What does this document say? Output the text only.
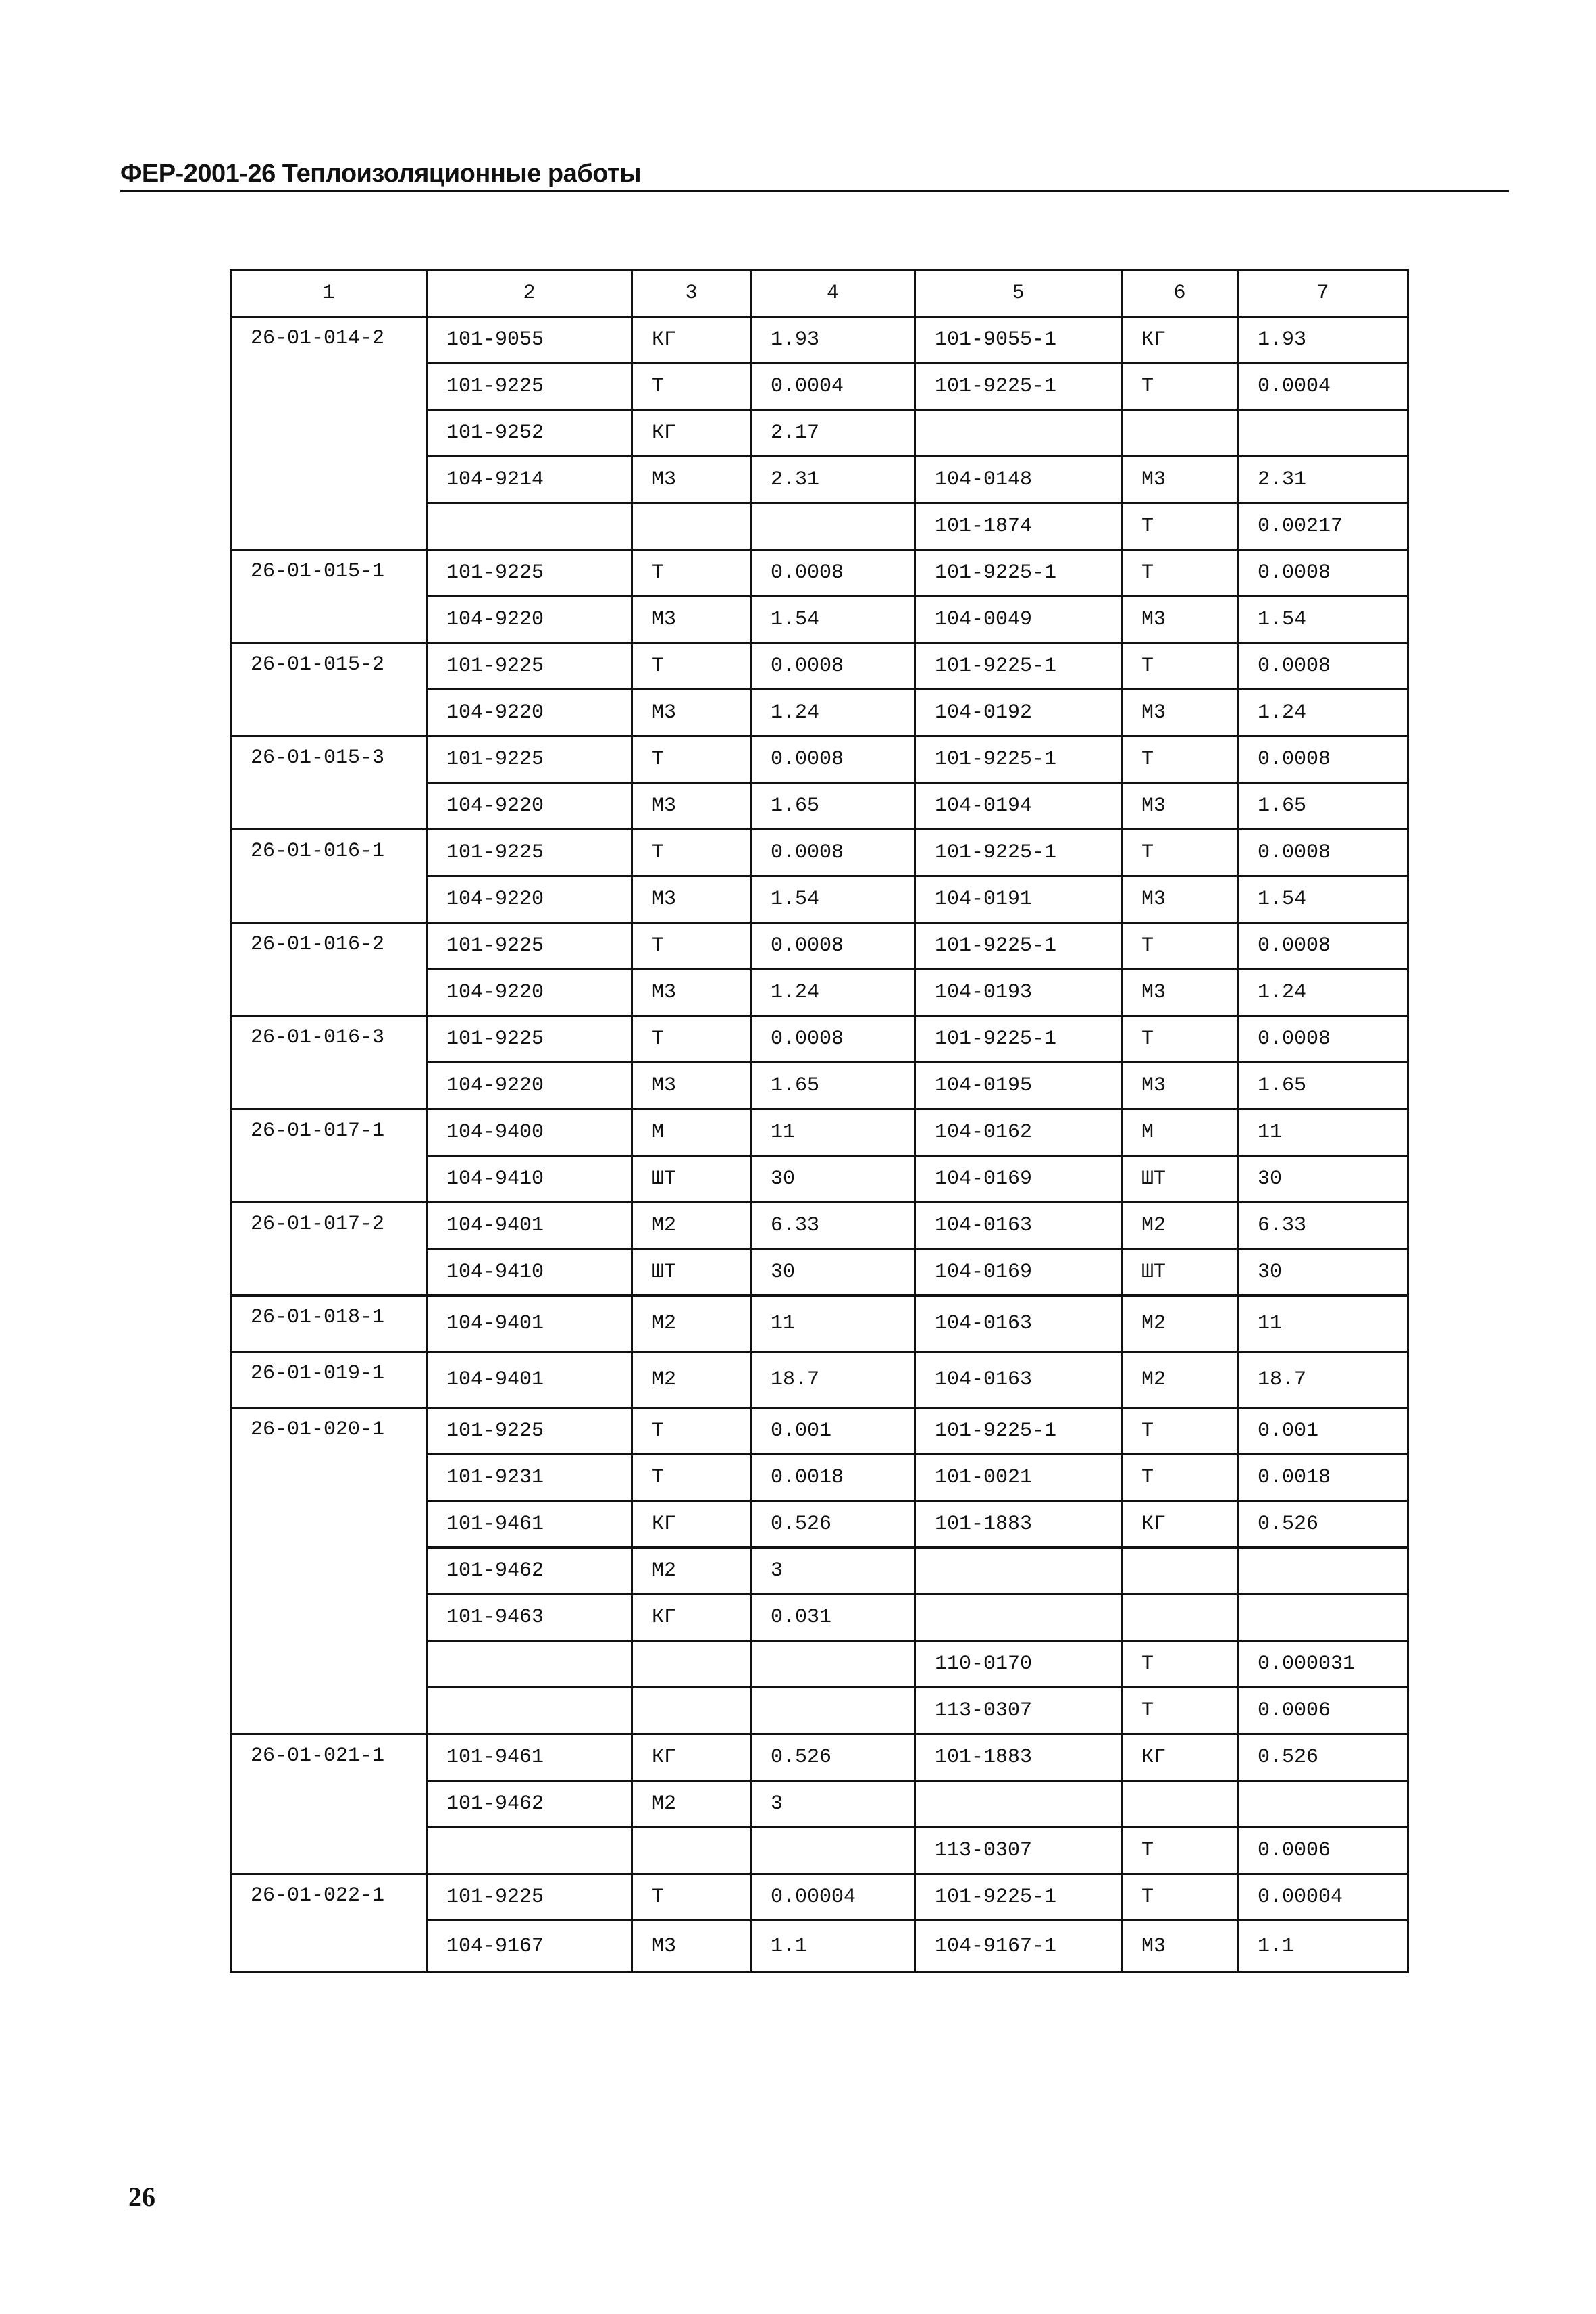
ФЕР-2001-26 Теплоизоляционные работы
1	2	3	4	5	6	7
26-01-014-2	101-9055	КГ	1.93	101-9055-1	КГ	1.93
	101-9225	Т	0.0004	101-9225-1	Т	0.0004
	101-9252	КГ	2.17			
	104-9214	М3	2.31	104-0148	М3	2.31
				101-1874	Т	0.00217
26-01-015-1	101-9225	Т	0.0008	101-9225-1	Т	0.0008
	104-9220	М3	1.54	104-0049	М3	1.54
26-01-015-2	101-9225	Т	0.0008	101-9225-1	Т	0.0008
	104-9220	М3	1.24	104-0192	М3	1.24
26-01-015-3	101-9225	Т	0.0008	101-9225-1	Т	0.0008
	104-9220	М3	1.65	104-0194	М3	1.65
26-01-016-1	101-9225	Т	0.0008	101-9225-1	Т	0.0008
	104-9220	М3	1.54	104-0191	М3	1.54
26-01-016-2	101-9225	Т	0.0008	101-9225-1	Т	0.0008
	104-9220	М3	1.24	104-0193	М3	1.24
26-01-016-3	101-9225	Т	0.0008	101-9225-1	Т	0.0008
	104-9220	М3	1.65	104-0195	М3	1.65
26-01-017-1	104-9400	М	11	104-0162	М	11
	104-9410	ШТ	30	104-0169	ШТ	30
26-01-017-2	104-9401	М2	6.33	104-0163	М2	6.33
	104-9410	ШТ	30	104-0169	ШТ	30
26-01-018-1	104-9401	М2	11	104-0163	М2	11
26-01-019-1	104-9401	М2	18.7	104-0163	М2	18.7
26-01-020-1	101-9225	Т	0.001	101-9225-1	Т	0.001
	101-9231	Т	0.0018	101-0021	Т	0.0018
	101-9461	КГ	0.526	101-1883	КГ	0.526
	101-9462	М2	3			
	101-9463	КГ	0.031			
				110-0170	Т	0.000031
				113-0307	Т	0.0006
26-01-021-1	101-9461	КГ	0.526	101-1883	КГ	0.526
	101-9462	М2	3			
				113-0307	Т	0.0006
26-01-022-1	101-9225	Т	0.00004	101-9225-1	Т	0.00004
	104-9167	М3	1.1	104-9167-1	М3	1.1
26
